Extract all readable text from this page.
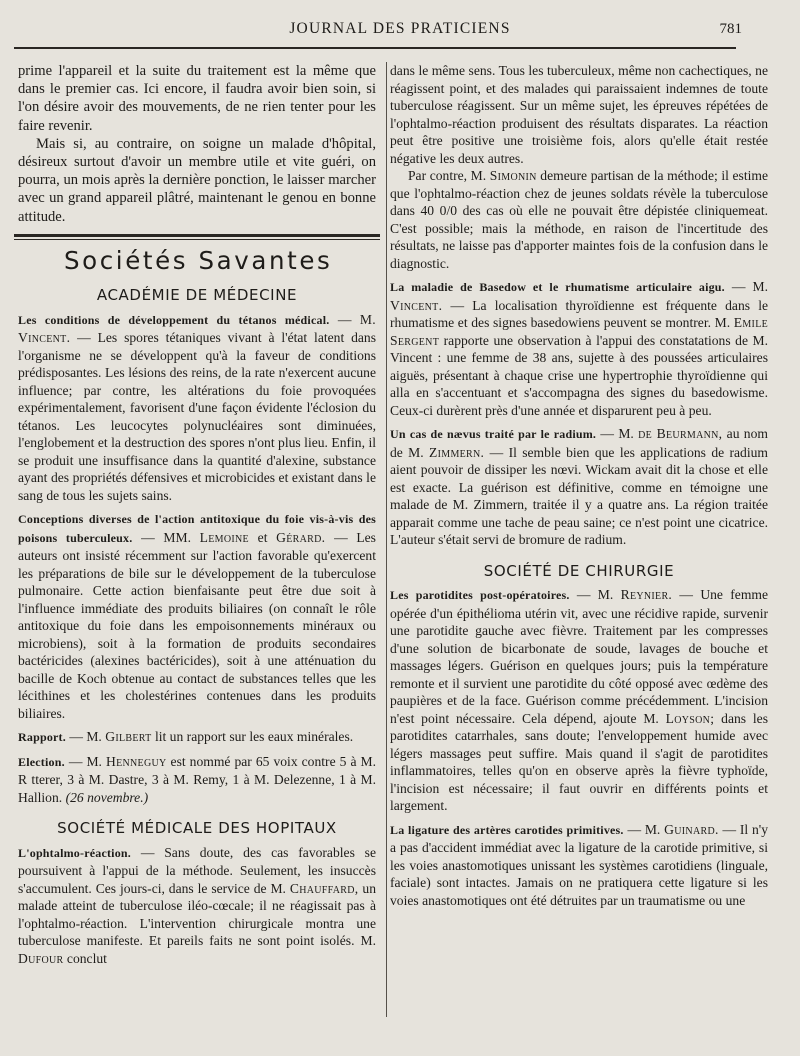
JOURNAL DES PRATICIENS	781

prime l'appareil et la suite du traitement est la même que dans le premier cas. Ici encore, il faudra avoir bien soin, si l'on désire avoir des mouvements, de ne rien tenter pour les faire revenir.

Mais si, au contraire, on soigne un malade d'hôpital, désireux surtout d'avoir un membre utile et vite guéri, on pourra, un mois après la dernière ponction, le laisser marcher avec un grand appareil plâtré, maintenant le genou en bonne attitude.

Sociétés Savantes
ACADÉMIE DE MÉDECINE

Les conditions de développement du tétanos médical. — M. Vincent. — Les spores tétaniques vivant à l'état latent dans l'organisme ne se développent qu'à la faveur de conditions prédisposantes. Les lésions des reins, de la rate n'exercent aucune influence; par contre, les altérations du foie provoquées expérimentalement, favorisent d'une façon évidente l'éclosion du tétanos. Les leucocytes polynucléaires sont diminuées, l'englobement et la destruction des spores n'ont plus lieu. Enfin, il se produit une insuffisance dans la quantité d'alexine, substance ayant des propriétés défensives et microbicides et existant dans le sang de tous les sujets sains.

Conceptions diverses de l'action antitoxique du foie vis-à-vis des poisons tuberculeux. — MM. Lemoine et Gérard. — Les auteurs ont insisté récemment sur l'action favorable qu'exercent les préparations de bile sur le développement de la tuberculose pulmonaire. Cette action bienfaisante peut être due soit à l'influence immédiate des produits biliaires (on connaît le rôle antitoxique du foie dans les empoisonnements minéraux ou microbiens), soit à la formation de produits secondaires bactéricides (alexines bactéricides), soit à une atténuation du bacille de Koch obtenue au contact de substances telles que les lécithines et les cholestérines contenues dans les produits biliaires.

Rapport. — M. Gilbert lit un rapport sur les eaux minérales.

Election. — M. Henneguy est nommé par 65 voix contre 5 à M. R tterer, 3 à M. Dastre, 3 à M. Remy, 1 à M. Delezenne, 1 à M. Hallion. (26 novembre.)

SOCIÉTÉ MÉDICALE DES HOPITAUX

L'ophtalmo-réaction. — Sans doute, des cas favorables se poursuivent à l'appui de la méthode. Seulement, les insuccès s'accumulent. Ces jours-ci, dans le service de M. Chauffard, un malade atteint de tuberculose iléo-cœcale; il ne réagissait pas à l'ophtalmo-réaction. L'intervention chirurgicale montra une tuberculose manifeste. Et pareils faits ne sont point isolés. M. Dufour conclut

dans le même sens. Tous les tuberculeux, même non cachectiques, ne réagissent point, et des malades qui paraissaient indemnes de toute tuberculose réagissent. Sur un même sujet, les épreuves répétées de l'ophtalmo-réaction produisent des résultats disparates. La réaction peut être positive une troisième fois, alors qu'elle était restée négative les deux autres.

Par contre, M. Simonin demeure partisan de la méthode; il estime que l'ophtalmo-réaction chez de jeunes soldats révèle la tuberculose dans 40 0/0 des cas où elle ne pouvait être dépistée cliniquemeat. C'est possible; mais la méthode, en raison de l'incertitude des résultats, ne laisse pas d'apporter maintes fois de la confusion dans le diagnostic.

La maladie de Basedow et le rhumatisme articulaire aigu. — M. Vincent. — La localisation thyroïdienne est fréquente dans le rhumatisme et des signes basedowiens peuvent se montrer. M. Emile Sergent rapporte une observation à l'appui des constatations de M. Vincent : une femme de 38 ans, sujette à des poussées articulaires aiguës, présentant à chaque crise une hypertrophie thyroïdienne qui alla en s'accentuant et s'accompagna des signes du basedowisme. Ceux-ci durèrent près d'une année et disparurent peu à peu.

Un cas de nævus traité par le radium. — M. de Beurmann, au nom de M. Zimmern. — Il semble bien que les applications de radium aient pouvoir de dissiper les nœvi. Wickam avait dit la chose et elle est exacte. La guérison est définitive, comme en témoigne une malade de M. Zimmern, traitée il y a quatre ans. La région traitée apparait comme une tache de peau saine; ce n'est point une cicatrice. L'auteur s'était servi de bromure de radium.

SOCIÉTÉ DE CHIRURGIE

Les parotidites post-opératoires. — M. Reynier. — Une femme opérée d'un épithélioma utérin vit, avec une récidive rapide, survenir une parotidite gauche avec fièvre. Traitement par les compresses d'une solution de bicarbonate de soude, lavages de bouche et massages légers. Guérison en quelques jours; puis la température remonte et il survient une parotidite du côté opposé avec œdème des paupières et de la face. Guérison comme précédemment. L'incision n'est point nécessaire. Cela dépend, ajoute M. Loyson; dans les parotidites catarrhales, sans doute; l'enveloppement humide avec légers massages peut suffire. Mais quand il s'agit de parotidites inflammatoires, telles qu'on en observe après la fièvre typhoïde, l'incision est nécessaire; il faut ouvrir en différents points et largement.

La ligature des artères carotides primitives. — M. Guinard. — Il n'y a pas d'accident immédiat avec la ligature de la carotide primitive, si les voies anastomotiques unissant les systèmes carotidiens (linguale, faciale) sont intactes. Jamais on ne pratiquera cette ligature si les voies anastomotiques ont été détruites par un traumatisme ou une
